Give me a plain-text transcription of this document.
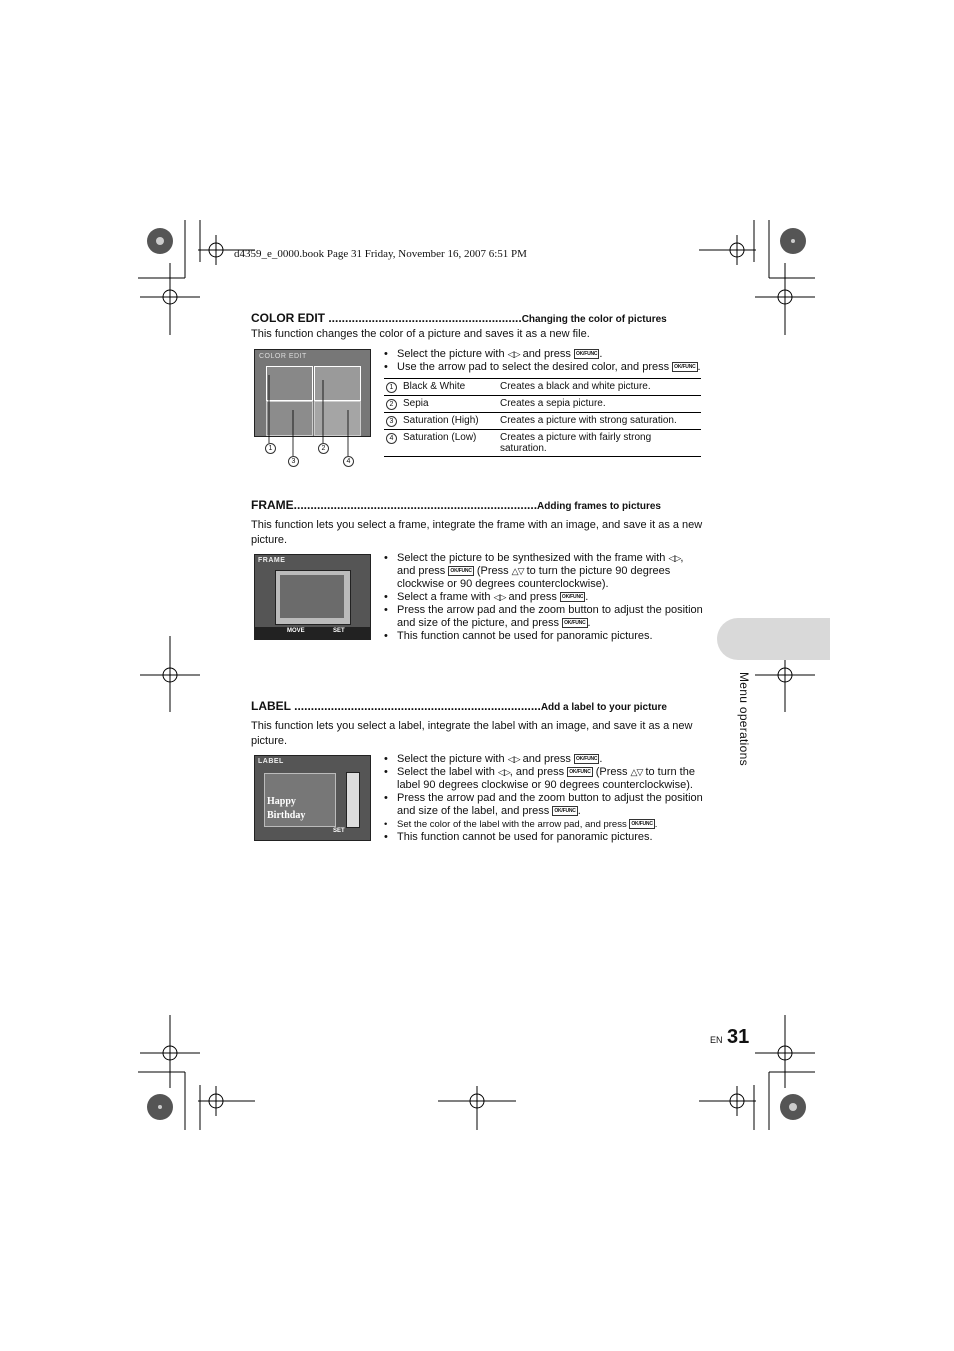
d4359_e_0000.book Page 31 Friday, November 16, 2007 6:51 PM
COLOR EDIT ..........................................................Changing the color of pictures
This function changes the color of a picture and saves it as a new file.
COLOR EDIT
1
3
2
4
• Select the picture with ◁▷ and press OK/FUNC .
• Use the arrow pad to select the desired color, and press OK/FUNC .
1 Black & White	Creates a black and white picture.
2 Sepia	Creates a sepia picture.
3 Saturation (High)	Creates a picture with strong saturation.
4 Saturation (Low)	Creates a picture with fairly strong saturation.
FRAME.........................................................................Adding frames to pictures
This function lets you select a frame, integrate the frame with an image, and save it as a new picture.
FRAME
MOVE	SET
• Select the picture to be synthesized with the frame with ◁▷, and press OK/FUNC (Press △▽ to turn the picture 90 degrees clockwise or 90 degrees counterclockwise).
• Select a frame with ◁▷ and press OK/FUNC .
• Press the arrow pad and the zoom button to adjust the position and size of the picture, and press OK/FUNC .
• This function cannot be used for panoramic pictures.
LABEL ..........................................................................Add a label to your picture
This function lets you select a label, integrate the label with an image, and save it as a new picture.
LABEL
Happy
Birthday
SET
• Select the picture with ◁▷ and press OK/FUNC .
• Select the label with ◁▷, and press OK/FUNC (Press △▽ to turn the label 90 degrees clockwise or 90 degrees counterclockwise).
• Press the arrow pad and the zoom button to adjust the position and size of the label, and press OK/FUNC .
• Set the color of the label with the arrow pad, and press OK/FUNC .
• This function cannot be used for panoramic pictures.
Menu operations
EN 31
